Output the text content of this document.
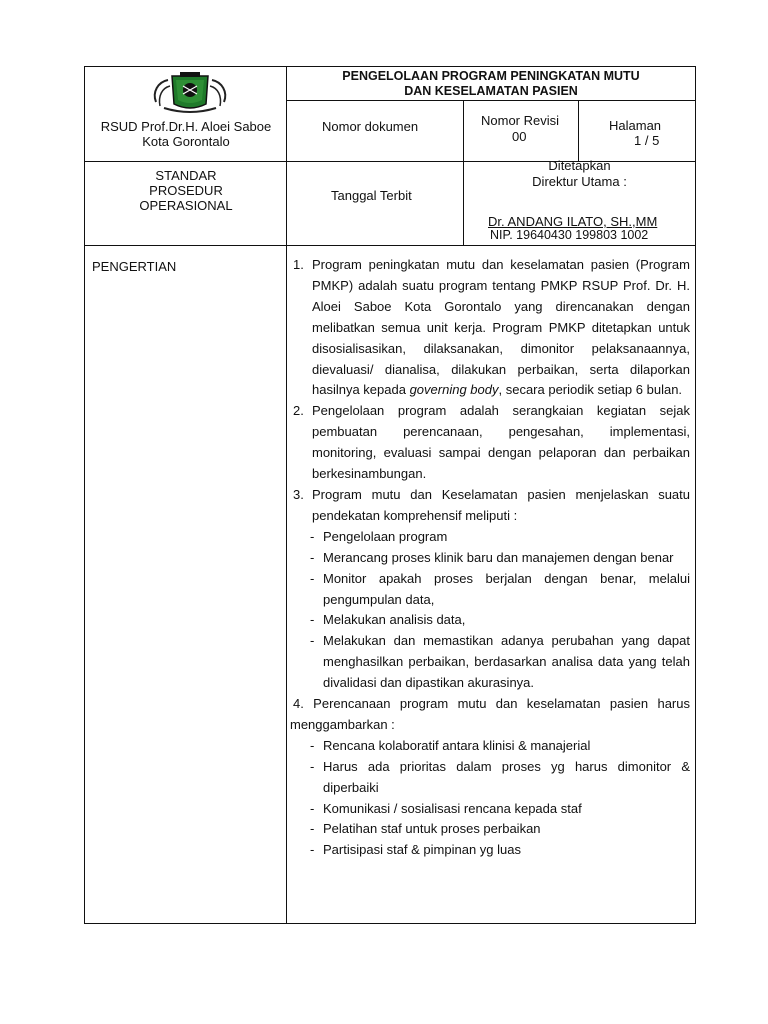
RSUD Prof.Dr.H. Aloei Saboe Kota Gorontalo
PENGELOLAAN PROGRAM PENINGKATAN MUTU
DAN KESELAMATAN PASIEN
Nomor dokumen	Nomor Revisi
00
Halaman
1 / 5
STANDAR
PROSEDUR
OPERASIONAL
Tanggal Terbit
Ditetapkan
Direktur Utama :
Dr. ANDANG ILATO, SH.,MM
NIP. 19640430 199803 1002
PENGERTIAN	1. Program peningkatan mutu dan keselamatan pasien (Program PMKP) adalah suatu program tentang PMKP RSUP Prof. Dr. H. Aloei Saboe Kota Gorontalo yang direncanakan dengan melibatkan semua unit kerja. Program PMKP ditetapkan untuk disosialisasikan, dilaksanakan, dimonitor pelaksanaannya, dievaluasi/ dianalisa, dilakukan perbaikan, serta dilaporkan hasilnya kepada governing body, secara periodik setiap 6 bulan.
2. Pengelolaan program adalah serangkaian kegiatan sejak pembuatan perencanaan, pengesahan, implementasi, monitoring, evaluasi sampai dengan pelaporan dan perbaikan berkesinambungan.
3. Program mutu dan Keselamatan pasien menjelaskan suatu pendekatan komprehensif meliputi :
- Pengelolaan program
- Merancang proses klinik baru dan manajemen dengan benar
- Monitor apakah proses berjalan dengan benar, melalui pengumpulan data,
- Melakukan analisis data,
- Melakukan dan memastikan adanya perubahan yang dapat menghasilkan perbaikan, berdasarkan analisa data yang telah divalidasi dan dipastikan akurasinya.
4. Perencanaan program mutu dan keselamatan pasien harus menggambarkan :
- Rencana kolaboratif antara klinisi & manajerial
- Harus ada prioritas dalam proses yg harus dimonitor & diperbaiki
- Komunikasi / sosialisasi rencana kepada staf
- Pelatihan staf untuk proses perbaikan
- Partisipasi staf & pimpinan yg luas
